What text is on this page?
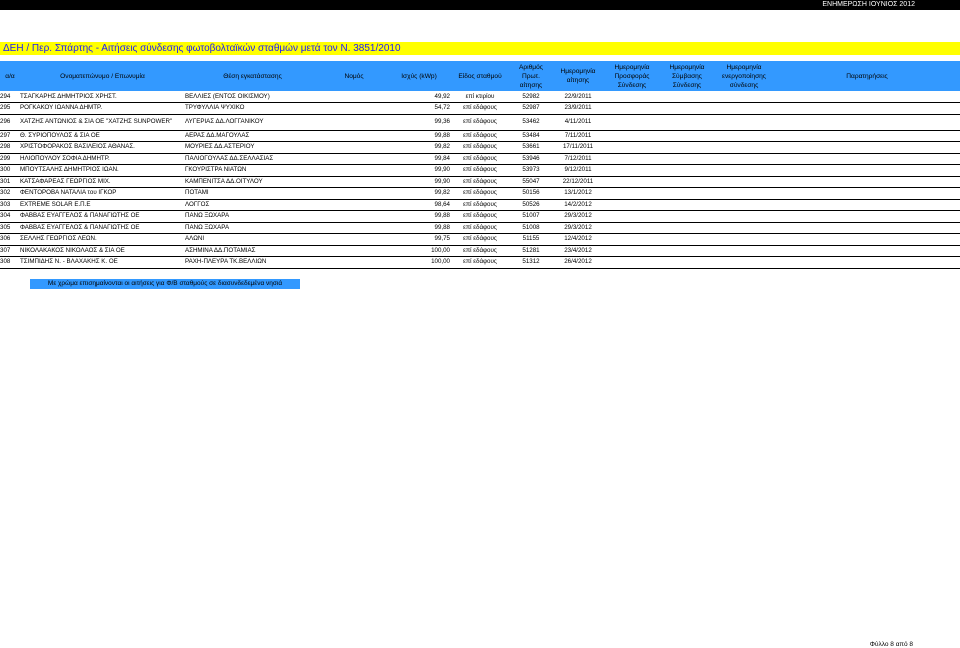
ΕΝΗΜΕΡΩΣΗ ΙΟΥΝΙΟΣ 2012
ΔΕΗ / Περ. Σπάρτης - Αιτήσεις σύνδεσης φωτοβολταϊκών σταθμών μετά τον Ν. 3851/2010
α/α	Ονοματεπώνυμο / Επωνυμία	Θέση εγκατάστασης	Νομός	Ισχύς (kWp)	Είδος σταθμού	Αριθμός Πρωτ. αίτησης	Ημερομηνία αίτησης	Ημερομηνία Προσφοράς Σύνδεσης	Ημερομηνία Σύμβασης Σύνδεσης	Ημερομηνία ενεργοποίησης σύνδεσης	Παρατηρήσεις
294	ΤΣΑΓΚΑΡΗΣ ΔΗΜΗΤΡΙΟΣ ΧΡΗΣΤ.	ΒΕΛΛΙΕΣ (ΕΝΤΟΣ ΟΙΚΙΣΜΟΥ)		49,92	επί κτιρίου	52982	22/9/2011				
295	ΡΟΓΚΑΚΟΥ ΙΩΑΝΝΑ ΔΗΜΤΡ.	ΤΡΥΦΥΛΛΙΑ ΨΥΧΙΚΟ		54,72	επί εδάφους	52987	23/9/2011				
296	ΧΑΤΖΗΣ ΑΝΤΩΝΙΟΣ & ΣΙΑ ΟΕ "ΧΑΤΖΗΣ SUNPOWER"	ΛΥΓΕΡΙΑΣ ΔΔ.ΛΟΓΓΑΝΙΚΟΥ		99,36	επί εδάφους	53462	4/11/2011				
297	Θ. ΣΥΡΙΟΠΟΥΛΟΣ & ΣΙΑ ΟΕ	ΑΕΡΑΣ ΔΔ.ΜΑΓΟΥΛΑΣ		99,88	επί εδάφους	53484	7/11/2011				
298	ΧΡΙΣΤΟΦΟΡΑΚΟΣ ΒΑΣΙΛΕΙΟΣ ΑΘΑΝΑΣ.	ΜΟΥΡΙΕΣ ΔΔ.ΑΣΤΕΡΙΟΥ		99,82	επί εδάφους	53661	17/11/2011				
299	ΗΛΙΟΠΟΥΛΟΥ ΣΟΦΙΑ ΔΗΜΗΤΡ.	ΠΑΛΙΟΓΟΥΛΑΣ ΔΔ.ΣΕΛΛΑΣΙΑΣ		99,84	επί εδάφους	53946	7/12/2011				
300	ΜΠΟΥΤΣΑΛΗΣ ΔΗΜΗΤΡΙΟΣ ΙΩΑΝ.	ΓΚΟΥΡΙΣΤΡΑ ΝΙΑΤΩΝ		99,90	επί εδάφους	53973	9/12/2011				
301	ΚΑΤΣΑΦΑΡΕΑΣ ΓΕΩΡΓΙΟΣ ΜΙΧ.	ΚΑΜΠΕΝΙΤΣΑ ΔΔ.ΟΙΤΥΛΟΥ		99,90	επί εδάφους	55047	22/12/2011				
302	ΦΕΝΤΟΡΟΒΑ ΝΑΤΑΛΙΑ του ΙΓΚΟΡ	ΠΟΤΑΜΙ		99,82	επί εδάφους	50156	13/1/2012				
303	EXTREME SOLAR Ε.Π.Ε	ΛΟΓΓΟΣ		98,64	επί εδάφους	50526	14/2/2012				
304	ΦΑΒΒΑΣ ΕΥΑΓΓΕΛΟΣ & ΠΑΝΑΓΙΩΤΗΣ ΟΕ	ΠΑΝΩ ΞΩΧΑΡΑ		99,88	επί εδάφους	51007	29/3/2012				
305	ΦΑΒΒΑΣ ΕΥΑΓΓΕΛΟΣ & ΠΑΝΑΓΙΩΤΗΣ ΟΕ	ΠΑΝΩ ΞΩΧΑΡΑ		99,88	επί εδάφους	51008	29/3/2012				
306	ΣΕΛΛΗΣ ΓΕΩΡΓΙΟΣ ΛΕΩΝ.	ΑΛΩΝΙ		99,75	επί εδάφους	51155	12/4/2012				
307	ΝΙΚΟΛΑΚΑΚΟΣ ΝΙΚΟΛΑΟΣ & ΣΙΑ ΟΕ	ΑΣΗΜΙΝΑ ΔΔ.ΠΟΤΑΜΙΑΣ		100,00	επί εδάφους	51281	23/4/2012				
308	ΤΣΙΜΠΙΔΗΣ Ν. - ΒΛΑΧΑΚΗΣ Κ. ΟΕ	ΡΑΧΗ-ΠΛΕΥΡΑ ΤΚ.ΒΕΛΛΙΩΝ		100,00	επί εδάφους	51312	26/4/2012				
Με χρώμα επισημαίνονται οι αιτήσεις για Φ/Β σταθμούς σε διασυνδεδεμένα νησιά
Φύλλο 8 από 8
